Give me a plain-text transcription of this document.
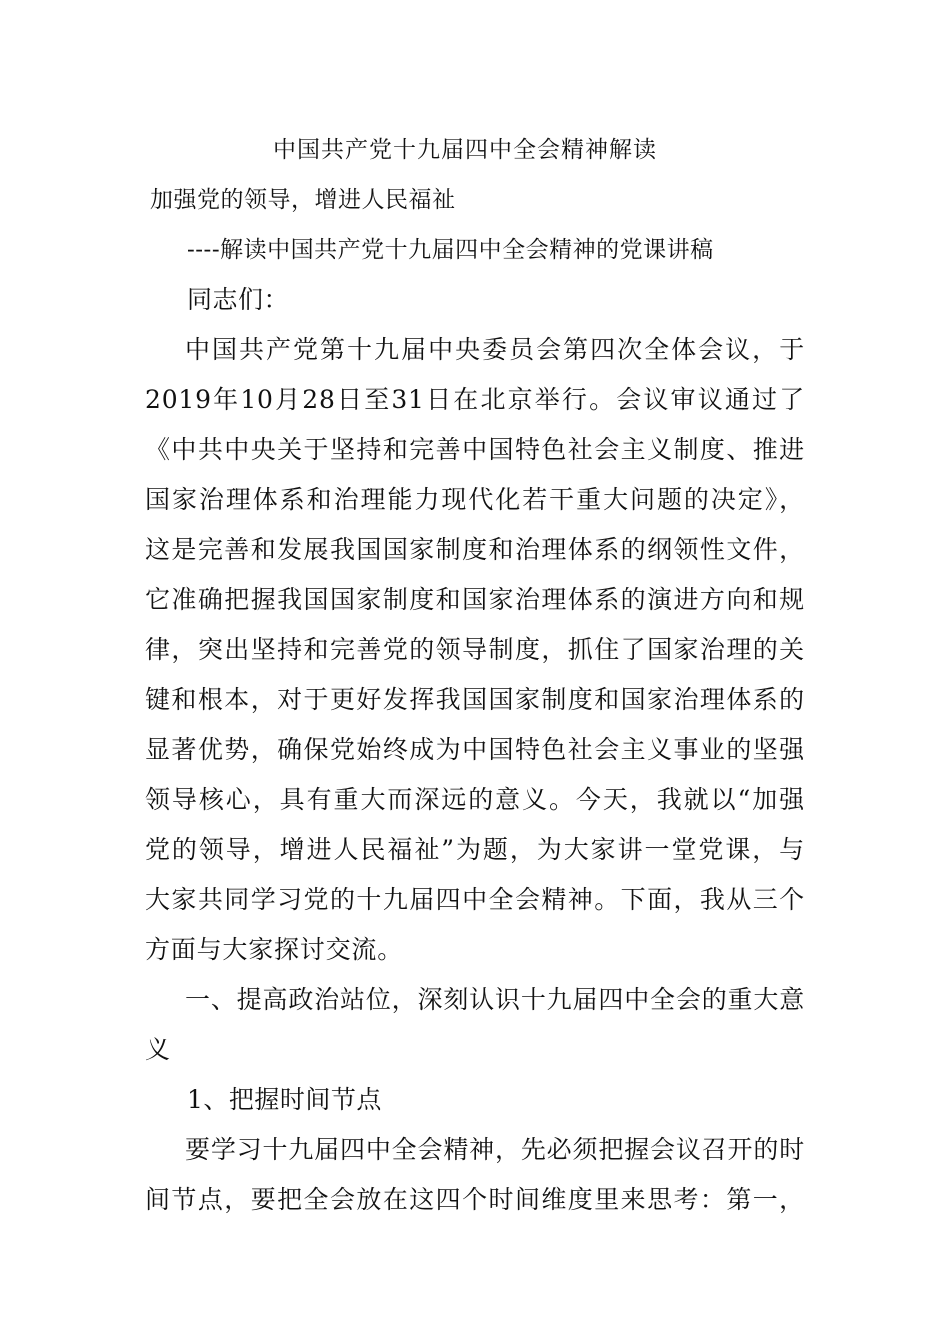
中国共产党十九届四中全会精神解读
加强党的领导，增进人民福祉
----解读中国共产党十九届四中全会精神的党课讲稿
同志们：
中国共产党第十九届中央委员会第四次全体会议，于
2019年10月28日至31日在北京举行。会议审议通过了
《中共中央关于坚持和完善中国特色社会主义制度、推进
国家治理体系和治理能力现代化若干重大问题的决定》，
这是完善和发展我国国家制度和治理体系的纲领性文件，
它准确把握我国国家制度和国家治理体系的演进方向和规
律，突出坚持和完善党的领导制度，抓住了国家治理的关
键和根本，对于更好发挥我国国家制度和国家治理体系的
显著优势，确保党始终成为中国特色社会主义事业的坚强
领导核心，具有重大而深远的意义。今天，我就以“加强
党的领导，增进人民福祉”为题，为大家讲一堂党课，与
大家共同学习党的十九届四中全会精神。下面，我从三个
方面与大家探讨交流。
一、提高政治站位，深刻认识十九届四中全会的重大意
义
1、把握时间节点
要学习十九届四中全会精神，先必须把握会议召开的时
间节点，要把全会放在这四个时间维度里来思考：第一，
